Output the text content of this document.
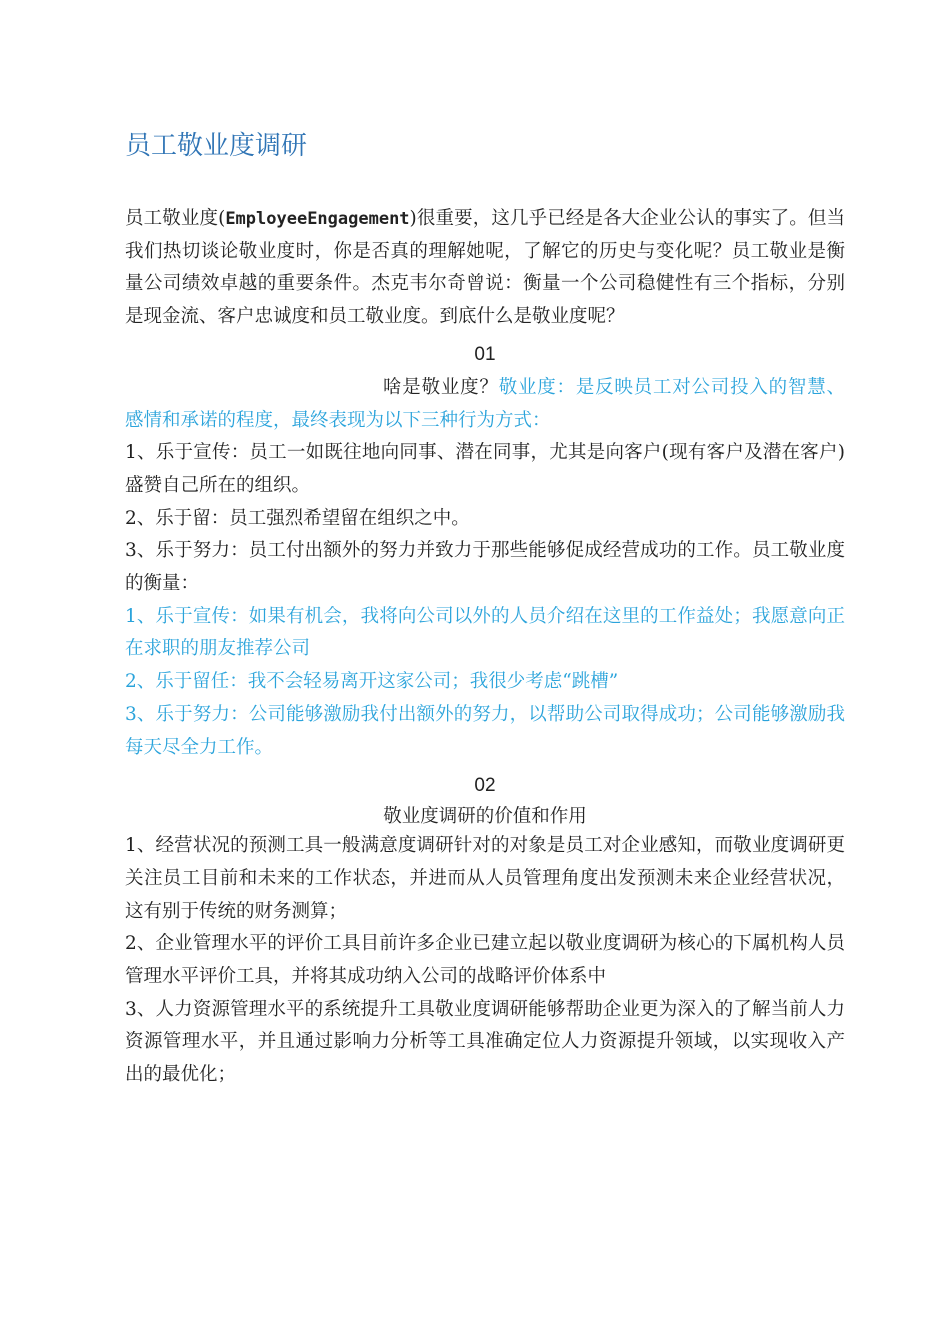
员工敬业度调研

员工敬业度(EmployeeEngagement)很重要，这几乎已经是各大企业公认的事实了。但当我们热切谈论敬业度时，你是否真的理解她呢，了解它的历史与变化呢？员工敬业是衡量公司绩效卓越的重要条件。杰克韦尔奇曾说：衡量一个公司稳健性有三个指标，分别是现金流、客户忠诚度和员工敬业度。到底什么是敬业度呢？

01

啥是敬业度？敬业度：是反映员工对公司投入的智慧、感情和承诺的程度，最终表现为以下三种行为方式：

1、乐于宣传：员工一如既往地向同事、潜在同事，尤其是向客户(现有客户及潜在客户)盛赞自己所在的组织。

2、乐于留：员工强烈希望留在组织之中。

3、乐于努力：员工付出额外的努力并致力于那些能够促成经营成功的工作。员工敬业度的衡量：

1、乐于宣传：如果有机会，我将向公司以外的人员介绍在这里的工作益处；我愿意向正在求职的朋友推荐公司

2、乐于留任：我不会轻易离开这家公司；我很少考虑“跳槽”

3、乐于努力：公司能够激励我付出额外的努力，以帮助公司取得成功；公司能够激励我每天尽全力工作。

02

敬业度调研的价值和作用

1、经营状况的预测工具一般满意度调研针对的对象是员工对企业感知，而敬业度调研更关注员工目前和未来的工作状态，并进而从人员管理角度出发预测未来企业经营状况，这有别于传统的财务测算；

2、企业管理水平的评价工具目前许多企业已建立起以敬业度调研为核心的下属机构人员管理水平评价工具，并将其成功纳入公司的战略评价体系中

3、人力资源管理水平的系统提升工具敬业度调研能够帮助企业更为深入的了解当前人力资源管理水平，并且通过影响力分析等工具准确定位人力资源提升领域，以实现收入产出的最优化；
